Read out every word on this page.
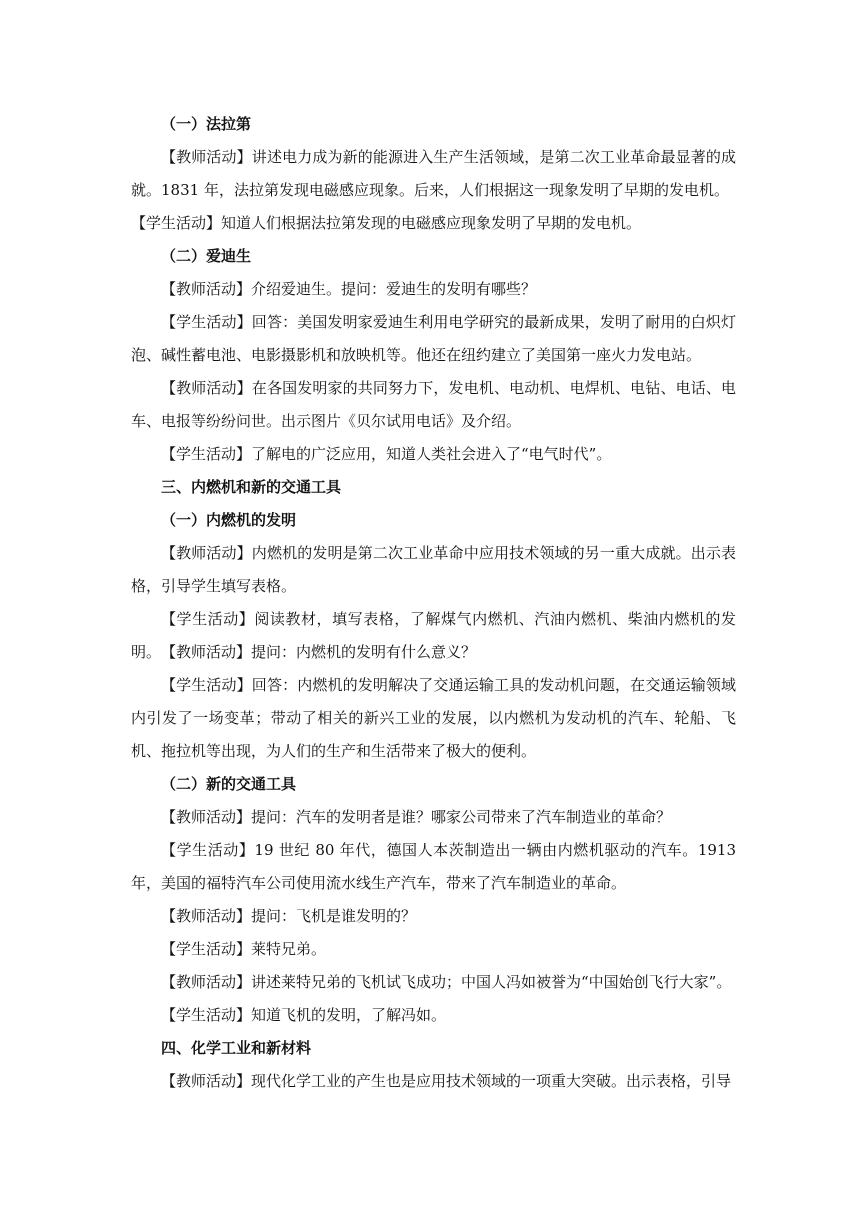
（一）法拉第

【教师活动】讲述电力成为新的能源进入生产生活领域，是第二次工业革命最显著的成就。1831 年，法拉第发现电磁感应现象。后来，人们根据这一现象发明了早期的发电机。

【学生活动】知道人们根据法拉第发现的电磁感应现象发明了早期的发电机。

（二）爱迪生

【教师活动】介绍爱迪生。提问：爱迪生的发明有哪些？

【学生活动】回答：美国发明家爱迪生利用电学研究的最新成果，发明了耐用的白炽灯泡、碱性蓄电池、电影摄影机和放映机等。他还在纽约建立了美国第一座火力发电站。

【教师活动】在各国发明家的共同努力下，发电机、电动机、电焊机、电钻、电话、电车、电报等纷纷问世。出示图片《贝尔试用电话》及介绍。

【学生活动】了解电的广泛应用，知道人类社会进入了“电气时代”。

三、内燃机和新的交通工具

（一）内燃机的发明

【教师活动】内燃机的发明是第二次工业革命中应用技术领域的另一重大成就。出示表格，引导学生填写表格。

【学生活动】阅读教材，填写表格，了解煤气内燃机、汽油内燃机、柴油内燃机的发明。 【教师活动】提问：内燃机的发明有什么意义？

【学生活动】回答：内燃机的发明解决了交通运输工具的发动机问题，在交通运输领域内引发了一场变革；带动了相关的新兴工业的发展，以内燃机为发动机的汽车、轮船、飞机、拖拉机等出现，为人们的生产和生活带来了极大的便利。

（二）新的交通工具

【教师活动】提问：汽车的发明者是谁？哪家公司带来了汽车制造业的革命？

【学生活动】19 世纪 80 年代，德国人本茨制造出一辆由内燃机驱动的汽车。1913 年，美国的福特汽车公司使用流水线生产汽车，带来了汽车制造业的革命。

【教师活动】提问：飞机是谁发明的？

【学生活动】莱特兄弟。

【教师活动】讲述莱特兄弟的飞机试飞成功；中国人冯如被誉为“中国始创飞行大家”。

【学生活动】知道飞机的发明，了解冯如。

四、化学工业和新材料

【教师活动】现代化学工业的产生也是应用技术领域的一项重大突破。出示表格，引导
